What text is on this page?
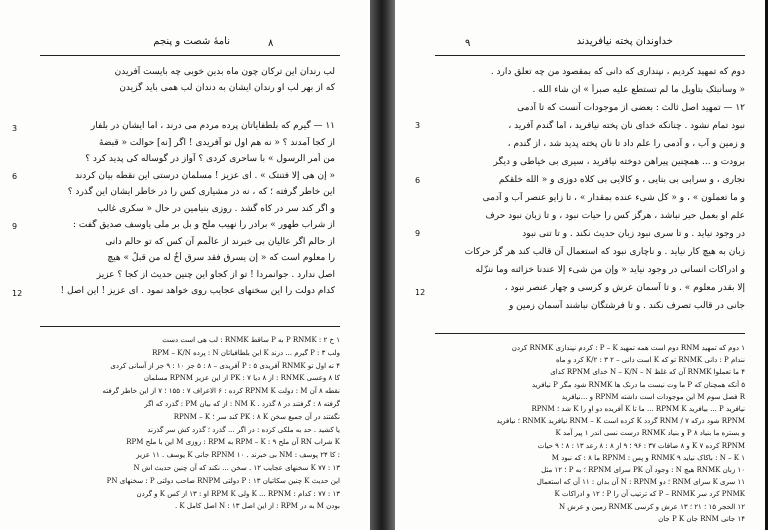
نامهٔ شصت و پنجم	۸
لب رندان این ترکان چون ماه بدین خوبی چه بایست آفریدن
که از بهر لب او رندان ایشان به دندان لب همی باید گزیدن
۱۱ — گیرم که بلطفایاتان پرده مردم می درند ، اما ایشان در بلفار
از کجا آمدند ؟ « نه هم اول تو آفریدی ! اگر [نه] حوالت « قبضهٔ
من أمر الرسول » با ساحری کردی ؟ آواز در گوساله کی پدید کرد ؟
« إن هی إلا فتنتک » . ای عزیز ! مسلمان درستی این نقطه بیان کردند
این خاطر گرفته ؛ که ، نه در مشیاری کس را در خاطر ایشان این گذرد ؟
و اگر کند سر در کاه گشد . روزی بنیامین در حال « سکری غالب
از شراب طهور » برادر را نهیب ملح و بل بر ملی یاوسف صدیق گفت :
از حالم اگر عالیان بی خبرند از عالَمم آن کس که تو حالم دانی
را معلوم است که « إن یسرق فقد سرق أخٌ له من قبلُ » هیچ
اصل ندارد . جوانمردا ! تو از کجاو این چنین حدیث از کجا ؟ عزیز
کدام دولت را این سخنهای عجایب روی خواهد نمود . ای عزیز ! این اصل !
3
6
9
12
۱ خ P RNMK : ۲ به P ساقط RNMK : لب هی است دست
ولب P : ۳ گیرم ... درند K این بلطافیاتان N : پرده RPM – K/N
۴ نه اول تو RNMK آفریدی P : ۵ آفریدی – ۸ : ۵ جز ۱۰ : ۹ جز از آسانی کردی
کا ۸ وعسی RNMK : از ۸ دیا PK : ۷ از این عزیز RPNM مسلمان
نقطه ۸ آن M : دولت RPNM K کرده : ۶ الاعراف ۷ : ۱۵۵ ؛ ۷ از این خاطر گرفته
گرفته ۸ : گرفتند در ۸ گذرد . NM K : از که بیان PM : گذرد که اگر
نگفتند در آن جمیع سخن PK : ۸ K کند سر ؛ RPNM – K
یا کشید . حد به ملکی کرده : در اگر ... گذرد ؛ گذرد کش سر گذرند
K شراب RN آن ملح RPM – K : ۹ به RPM : روزی M این با ملح RPM
: کا ۲۴ پوسف : NM بی خبرند . ۱۰ RPNM جانی K یوسف . ۱۱ عزیز
۱۳ : ۷۷ K سخنهای عجایب ۱۲ . سخن ... نکند که آن چنین حدیث اش N
این حدیث K چنین سکاتیان P : ۱۳ دولتی RNPM صاحب دولتی P : سخنهای PN
۱۳ : ۷۷ : کدام : K ... RPNM ولی RPM K او : ۱۳ از کس K و گردن
بودن M به در RPM : از این اصل ۱۳ : N اصل کامل K .
خداوندان پخته نیافریدند
۹
دوم که تمهید کردیم ، نپنداری که دانی که بمقصود من چه تعلق دارد .
« وسأنبئک بتأویل ما لم تستطع علیه صبراً » ان شاء الله .
۱۲ — تمهید اصل ثالث : بعضی از موجودات آنست که تا آدمی
نبود تمام نشود . چنانکه خدای نان پخته نیافرید ، اما گندم آفرید ،
و زمین و آب ، و آدمی را علم داد تا نان پخته پدید شد ، از گندم ،
برودت و ... همچنین پیراهن دوخته نیافرید ، سیری بی خیاطی و دیگر
نجاری ، و سرابی بی بنایی ، و کالایی بی کلاه دوزی و « الله خلقکم
و ما تعملون » ، و « کل شیء عنده بمقدار » ، تا زایو عنصر آب و آدمی
علم او بعمل حیر نباشد ، هرگز کس را حیات نبود ، و تا زبان نبود حرف
در وجود نیاید . و تا سری نبود زبان حدیث نکند . و تا تنی نبود
زبان به هیچ کار نیاید . و ناچاری نبود که استعمال آن قالب کند هر گز حرکات
و ادراکات انسانی در وجود نیاید « وإن من شیء إلا عندنا خزائنه وما ننزّله
إلا بقدر معلوم » . و تا آسمان عرش و کرسی و چهار عنصر نبود ،
جانی در قالب تصرف نکند . و تا فرشتگان نباشند آسمان زمین و
3
6
9
12
۱ دوم که تمهید RNM دوم است همه تمهید P – K : کردم نپنداری RNMK کردن
نندام P : دانی RNMK تو که K است دانی – ۲ K/۲ : ۳ کرد و ماه
۴ ما تعملوا RNMK آن که غلظ N – K/N – N خدای RPNM کدای
۵ آنکه همچنان که P ما وت نیست ما درنک ها RNMK شود مگر P نیافرید
R فصل سوم M این موجودات است داشته RPNM و ...نیافرید
نیافرید P ... بیافرید RPNM K ... ما تا K آفریده دو او را K شد ؛ RPNM
RPNM شود درکه RNM / ۷ گردد K کرده است RNM – K نیافرید RNMK ؛ نیافرید
و بستره ما بنیاد ۸ P و بنیاد RNMK درست نسی اندر ۱ پیر آمد K
RPNM کرده ۷ K و ۸ صافات ۳۷ : ۹۶ ؛ ۹ از ۸ : ۸ رعد ۱۳ : ۸ ؛ ۹ حیات
۱ N – K : باکاک نیاید RNMK ۹ و پس : RPNM ما ۸ : که نبود M
۱۰ زبان RNMK هیچ N : وجود آن PK سرای RPNM ؛ به P ؛ ۱۲ مثل
۱۱ سری K سرای RNM ؛ دو N : RPNM آن بدان : ۱۱ آن که استعمال
PNMK کرد سر P – RNMK که ترتیب آن را P ؛ ۱۲ و ادراکات K
۱۲ الحجر ۱۵ ؛ ۲۱ ؛ ۱۳ عرش و کرسی RNMK زمین و عرش N
۱۴ جانی RNM جان P K جان
